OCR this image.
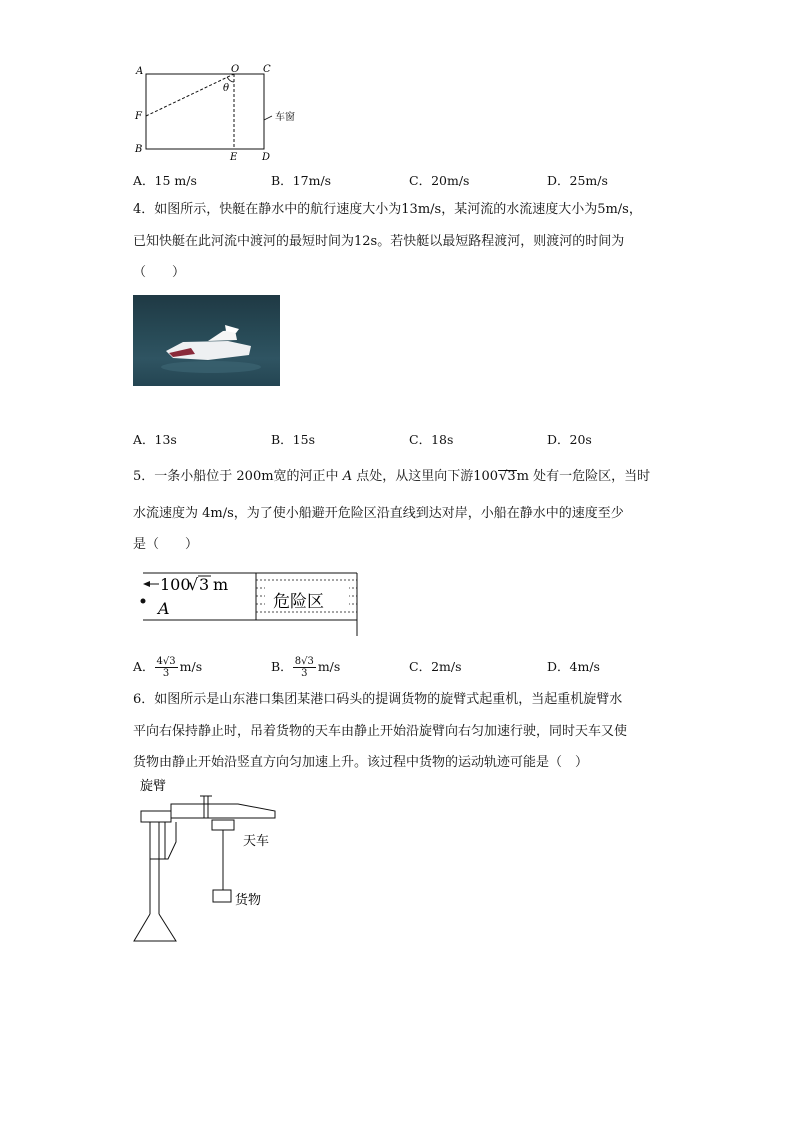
A	O C
F
B
E D
θ
车窗
A．15 m/s	B．17m/s	C．20m/s	D．25m/s
4．如图所示，快艇在静水中的航行速度大小为13m/s，某河流的水流速度大小为5m/s，
已知快艇在此河流中渡河的最短时间为12s。若快艇以最短路程渡河，则渡河的时间为
（　　）
A．13s	B．15s	C．18s	D．20s
5．一条小船位于 200m宽的河正中 A 点处，从这里向下游100√3m 处有一危险区，当时
水流速度为 4m/s，为了使小船避开危险区沿直线到达对岸，小船在静水中的速度至少
是（　　）
100
√ 3 m
A	危险区
A． $\frac{4√3}{3} m/s$	B． $\frac{8√3}{3} m/s$	C．2m/s	D．4m/s
6．如图所示是山东港口集团某港口码头的提调货物的旋臂式起重机，当起重机旋臂水
平向右保持静止时，吊着货物的天车由静止开始沿旋臂向右匀加速行驶，同时天车又使
货物由静止开始沿竖直方向匀加速上升。该过程中货物的运动轨迹可能是（　）
旋臂
天车
货物
